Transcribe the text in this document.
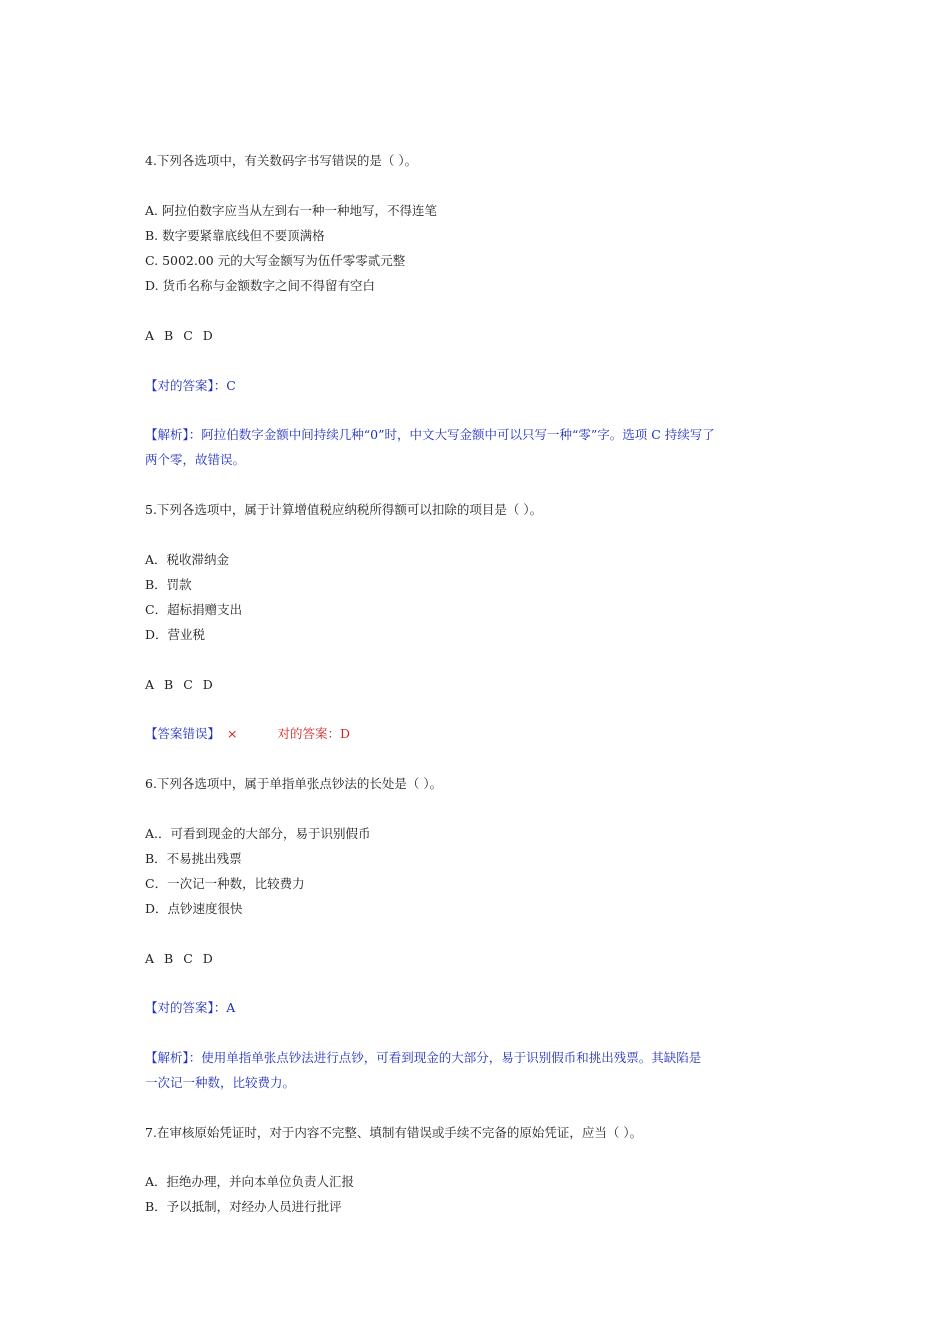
4.下列各选项中，有关数码字书写错误的是（ ）。
A. 阿拉伯数字应当从左到右一种一种地写，不得连笔
B. 数字要紧靠底线但不要顶满格
C. 5002.00 元的大写金额写为伍仟零零贰元整
D. 货币名称与金额数字之间不得留有空白
A B C D
【对的答案】：C
【解析】：阿拉伯数字金额中间持续几种“0”时，中文大写金额中可以只写一种“零”字。选项 C 持续写了
两个零，故错误。
5.下列各选项中，属于计算增值税应纳税所得额可以扣除的项目是（ ）。
A．税收滞纳金
B．罚款
C．超标捐赠支出
D．营业税
A B C D
【答案错误】 ×	对的答案：D
6.下列各选项中，属于单指单张点钞法的长处是（ ）。
A.．可看到现金的大部分，易于识别假币
B．不易挑出残票
C．一次记一种数，比较费力
D．点钞速度很快
A B C D
【对的答案】：A
【解析】：使用单指单张点钞法进行点钞，可看到现金的大部分，易于识别假币和挑出残票。其缺陷是
一次记一种数，比较费力。
7.在审核原始凭证时，对于内容不完整、填制有错误或手续不完备的原始凭证，应当（ ）。
A．拒绝办理，并向本单位负责人汇报
B．予以抵制，对经办人员进行批评
